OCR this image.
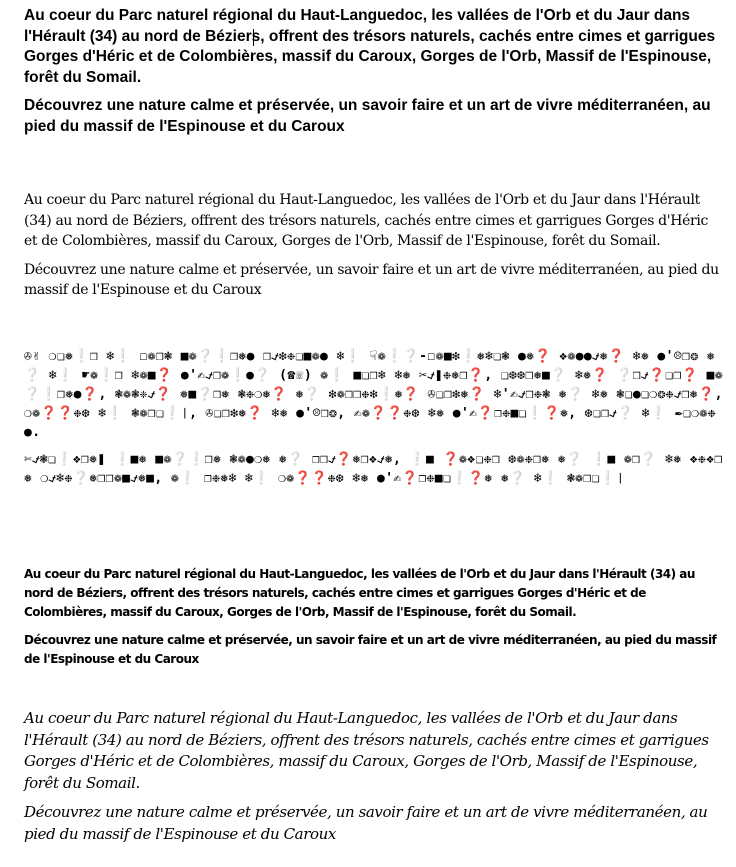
Au coeur du Parc naturel régional du Haut-Languedoc, les vallées de l'Orb et du Jaur dans l'Hérault (34) au nord de Béziers, offrent des trésors naturels, cachés entre cimes et garrigues Gorges d'Héric et de Colombières, massif du Caroux, Gorges de l'Orb, Massif de l'Espinouse, forêt du Somail.

Découvrez une nature calme et préservée, un savoir faire et un art de vivre méditerranéen, au pied du massif de l'Espinouse et du Caroux

Au coeur du Parc naturel régional du Haut-Languedoc, les vallées de l'Orb et du Jaur dans l'Hérault (34) au nord de Béziers, offrent des trésors naturels, cachés entre cimes et garrigues Gorges d'Héric et de Colombières, massif du Caroux, Gorges de l'Orb, Massif de l'Espinouse, forêt du Somail.

Découvrez une nature calme et préservée, un savoir faire et un art de vivre méditerranéen, au pied du massif de l'Espinouse et du Caroux

✇✌ ❍❏❅❕❒ ❄❕ ☐❁❒❃ ■❁❔❕❒❅● ❒⍻❇❉❏■❁● ❄❕ ☟❁❕❔-☐❁■❇❕❅❄❏❃ ●❅❓ ❖❁●●⍻❅❓ ❄❅ ●'☹❒❂ ❅❔ ❄❕ ☛❁❕❒ ❄❁■❓ ●'✍⍻❒❁❕●❔ (☎☏) ❁❕ ■❏❒❄ ❄❅ ✂⍻❚❉❅❒❓, ❏❆❆❒❅■❔ ❄❅❓ ❔❒⍻❓❏❒❓ ■❁❔❕❒❅●❓, ❃❁❃❈⍻❓ ❅■❔❒❅ ❃❉❍❅❓ ❅❔ ❇❁❒❒❉❇❕❅❓ ✇❏❒❇❅❓ ❄'✍⍻❒❉❃ ❅❔ ❄❅ ❃❏●❏❍❂❉⍻❒❅❓, ❍❁❓❓❉❆ ❄❕ ❃❁❒❏❕❘, ✇❏❒❇❅❓ ❄❅ ●'☹❒❂, ✍❁❓❓❉❆ ❄❅ ●'✍❓❐❉■❏❕❓❅, ❆❏❒⍻❔ ❄❕ ✒❏❍❁❉●.

✄⍻❃❏❕❖❒❅❚ ❕■❅ ■❁❔❕❒❅ ❃❁●❍❅ ❅❔ ❐❒⍻❓❅❒❖⍻❅, ❕■ ❓❁❖❏❉❒ ❆❁❉❒❅ ❅❔ ❕■ ❁❒❔ ❄❅ ❖❉❖❒❅ ❍⍻❄❉❔❅❒❒❁■⍻❅■, ❁❕ ❐❉❅❄ ❄❕ ❍❁❓❓❉❆ ❄❅ ●'✍❓❐❉■❏❕❓❅ ❅❔ ❄❕ ❃❁❒❏❕❘

Au coeur du Parc naturel régional du Haut-Languedoc, les vallées de l'Orb et du Jaur dans l'Hérault (34) au nord de Béziers, offrent des trésors naturels, cachés entre cimes et garrigues Gorges d'Héric et de Colombières, massif du Caroux, Gorges de l'Orb, Massif de l'Espinouse, forêt du Somail.

Découvrez une nature calme et préservée, un savoir faire et un art de vivre méditerranéen, au pied du massif de l'Espinouse et du Caroux

Au coeur du Parc naturel régional du Haut-Languedoc, les vallées de l'Orb et du Jaur dans l'Hérault (34) au nord de Béziers, offrent des trésors naturels, cachés entre cimes et garrigues Gorges d'Héric et de Colombières, massif du Caroux, Gorges de l'Orb, Massif de l'Espinouse, forêt du Somail.

Découvrez une nature calme et préservée, un savoir faire et un art de vivre méditerranéen, au pied du massif de l'Espinouse et du Caroux
